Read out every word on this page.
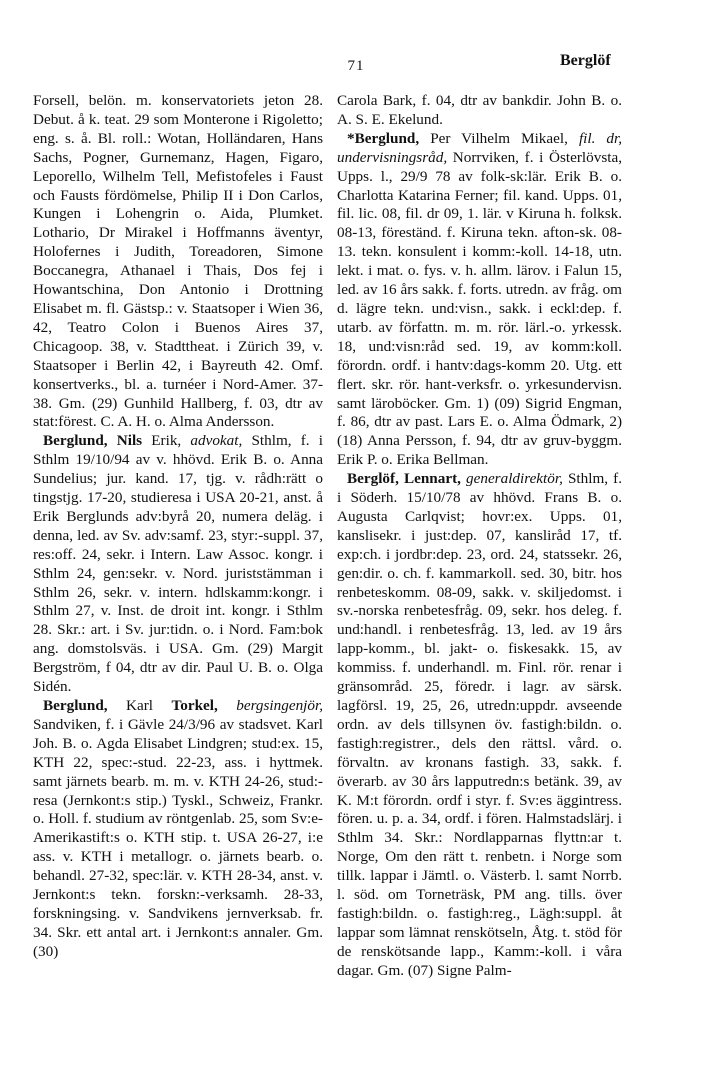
71	Berglöf

Forsell, belön. m. konservatoriets jeton 28. Debut. å k. teat. 29 som Monterone i Rigoletto; eng. s. å. Bl. roll.: Wotan, Holländaren, Hans Sachs, Pogner, Gurnemanz, Hagen, Figaro, Leporello, Wilhelm Tell, Mefistofeles i Faust och Fausts fördömelse, Philip II i Don Carlos, Kungen i Lohengrin o. Aida, Plumket. Lothario, Dr Mirakel i Hoffmanns äventyr, Holofernes i Judith, Toreadoren, Simone Boccanegra, Athanael i Thais, Dos fej i Howantschina, Don Antonio i Drottning Elisabet m. fl. Gästsp.: v. Staatsoper i Wien 36, 42, Teatro Colon i Buenos Aires 37, Chicagoop. 38, v. Stadttheat. i Zürich 39, v. Staatsoper i Berlin 42, i Bayreuth 42. Omf. konsertverks., bl. a. turnéer i Nord-Amer. 37-38. Gm. (29) Gunhild Hallberg, f. 03, dtr av stat:förest. C. A. H. o. Alma Andersson.

Berglund, Nils Erik, advokat, Sthlm, f. i Sthlm 19/10/94 av v. hhövd. Erik B. o. Anna Sundelius; jur. kand. 17, tjg. v. rådh:rätt o tingstjg. 17-20, studieresa i USA 20-21, anst. å Erik Berglunds adv:byrå 20, numera deläg. i denna, led. av Sv. adv:samf. 23, styr:-suppl. 37, res:off. 24, sekr. i Intern. Law Assoc. kongr. i Sthlm 24, gen:sekr. v. Nord. juriststämman i Sthlm 26, sekr. v. intern. hdlskamm:kongr. i Sthlm 27, v. Inst. de droit int. kongr. i Sthlm 28. Skr.: art. i Sv. jur:tidn. o. i Nord. Fam:bok ang. domstolsväs. i USA. Gm. (29) Margit Bergström, f 04, dtr av dir. Paul U. B. o. Olga Sidén.

Berglund, Karl Torkel, bergsingenjör, Sandviken, f. i Gävle 24/3/96 av stadsvet. Karl Joh. B. o. Agda Elisabet Lindgren; stud:ex. 15, KTH 22, spec:-stud. 22-23, ass. i hyttmek. samt järnets bearb. m. m. v. KTH 24-26, stud:-resa (Jernkont:s stip.) Tyskl., Schweiz, Frankr. o. Holl. f. studium av röntgenlab. 25, som Sv:e-Amerikastift:s o. KTH stip. t. USA 26-27, i:e ass. v. KTH i metallogr. o. järnets bearb. o. behandl. 27-32, spec:lär. v. KTH 28-34, anst. v. Jernkont:s tekn. forskn:-verksamh. 28-33, forskningsing. v. Sandvikens jernverksab. fr. 34. Skr. ett antal art. i Jernkont:s annaler. Gm. (30)

Carola Bark, f. 04, dtr av bankdir. John B. o. A. S. E. Ekelund.

*Berglund, Per Vilhelm Mikael, fil. dr, undervisningsråd, Norrviken, f. i Österlövsta, Upps. l., 29/9 78 av folk-sk:lär. Erik B. o. Charlotta Katarina Ferner; fil. kand. Upps. 01, fil. lic. 08, fil. dr 09, 1. lär. v Kiruna h. folksk. 08-13, föreständ. f. Kiruna tekn. afton-sk. 08-13. tekn. konsulent i komm:-koll. 14-18, utn. lekt. i mat. o. fys. v. h. allm. lärov. i Falun 15, led. av 16 års sakk. f. forts. utredn. av fråg. om d. lägre tekn. und:visn., sakk. i eckl:dep. f. utarb. av författn. m. m. rör. lärl.-o. yrkessk. 18, und:visn:råd sed. 19, av komm:koll. förordn. ordf. i hantv:dags-komm 20. Utg. ett flert. skr. rör. hant-verksfr. o. yrkesundervisn. samt läroböcker. Gm. 1) (09) Sigrid Engman, f. 86, dtr av past. Lars E. o. Alma Ödmark, 2) (18) Anna Persson, f. 94, dtr av gruv-byggm. Erik P. o. Erika Bellman.

Berglöf, Lennart, generaldirektör, Sthlm, f. i Söderh. 15/10/78 av hhövd. Frans B. o. Augusta Carlqvist; hovr:ex. Upps. 01, kanslisekr. i just:dep. 07, kansliråd 17, tf. exp:ch. i jordbr:dep. 23, ord. 24, statssekr. 26, gen:dir. o. ch. f. kammarkoll. sed. 30, bitr. hos renbeteskomm. 08-09, sakk. v. skiljedomst. i sv.-norska renbetesfråg. 09, sekr. hos deleg. f. und:handl. i renbetesfråg. 13, led. av 19 års lapp-komm., bl. jakt- o. fiskesakk. 15, av kommiss. f. underhandl. m. Finl. rör. renar i gränsområd. 25, föredr. i lagr. av särsk. lagförsl. 19, 25, 26, utredn:uppdr. avseende ordn. av dels tillsynen öv. fastigh:bildn. o. fastigh:registrer., dels den rättsl. vård. o. förvaltn. av kronans fastigh. 33, sakk. f. överarb. av 30 års lapputredn:s betänk. 39, av K. M:t förordn. ordf i styr. f. Sv:es äggintress. fören. u. p. a. 34, ordf. i fören. Halmstadslärj. i Sthlm 34. Skr.: Nordlapparnas flyttn:ar t. Norge, Om den rätt t. renbetn. i Norge som tillk. lappar i Jämtl. o. Västerb. l. samt Norrb. l. söd. om Torneträsk, PM ang. tills. över fastigh:bildn. o. fastigh:reg., Lägh:suppl. åt lappar som lämnat renskötseln, Åtg. t. stöd för de renskötsande lapp., Kamm:-koll. i våra dagar. Gm. (07) Signe Palm-
